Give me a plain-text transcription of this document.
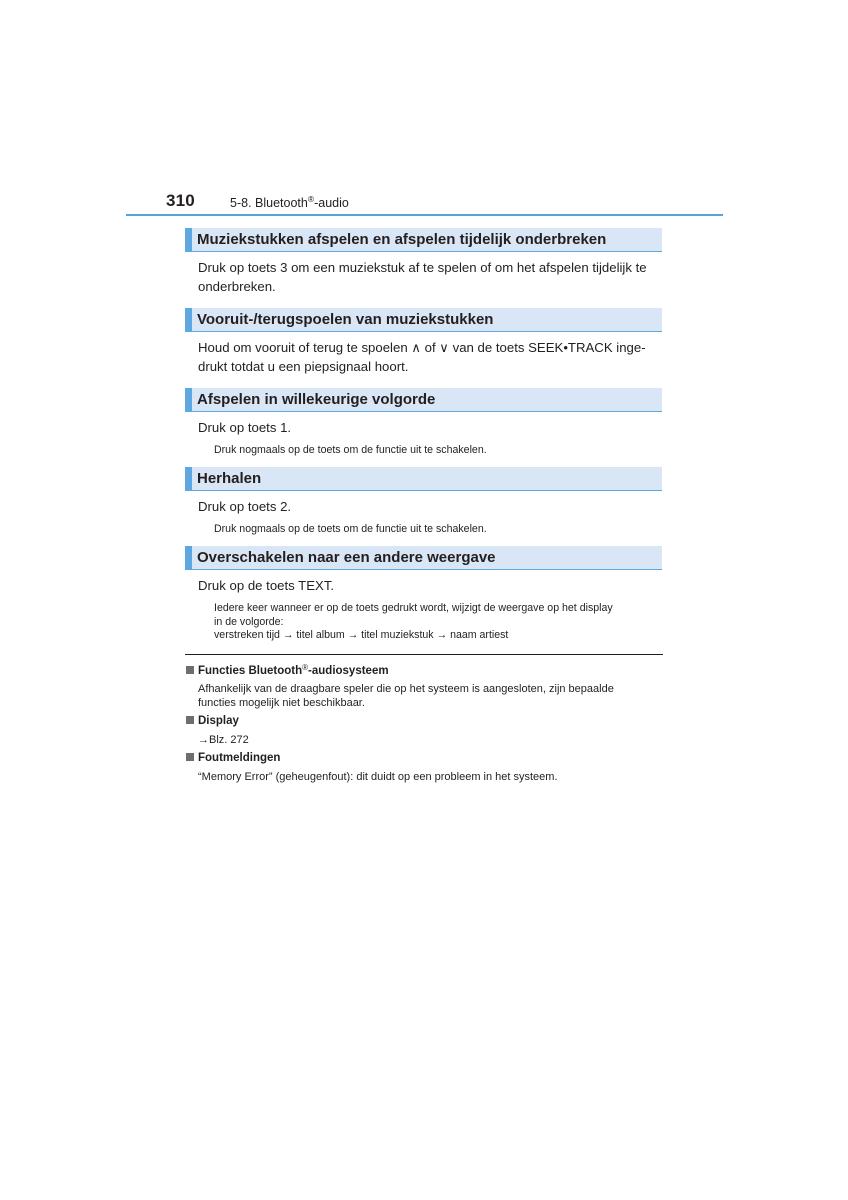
310	5-8. Bluetooth®-audio
Muziekstukken afspelen en afspelen tijdelijk onderbreken
Druk op toets 3 om een muziekstuk af te spelen of om het afspelen tijdelijk te
onderbreken.
Vooruit-/terugspoelen van muziekstukken
Houd om vooruit of terug te spoelen ∧ of ∨ van de toets SEEK•TRACK inge-
drukt totdat u een piepsignaal hoort.
Afspelen in willekeurige volgorde
Druk op toets 1.
Druk nogmaals op de toets om de functie uit te schakelen.
Herhalen
Druk op toets 2.
Druk nogmaals op de toets om de functie uit te schakelen.
Overschakelen naar een andere weergave
Druk op de toets TEXT.
Iedere keer wanneer er op de toets gedrukt wordt, wijzigt de weergave op het display
in de volgorde:
verstreken tijd → titel album → titel muziekstuk → naam artiest
Functies Bluetooth®-audiosysteem
Afhankelijk van de draagbare speler die op het systeem is aangesloten, zijn bepaalde
functies mogelijk niet beschikbaar.
Display
→Blz. 272
Foutmeldingen
“Memory Error” (geheugenfout): dit duidt op een probleem in het systeem.
